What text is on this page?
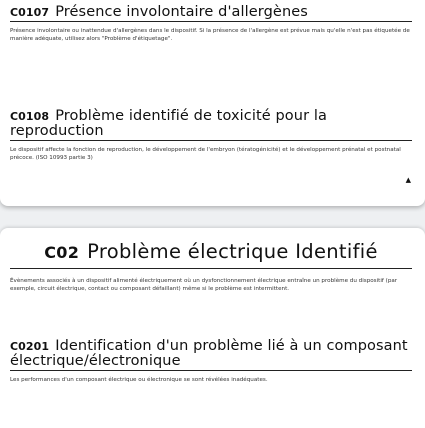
C0107 Présence involontaire d'allergènes
Présence involontaire ou inattendue d'allergènes dans le dispositif. Si la présence de l'allergène est prévue mais qu'elle n'est pas étiquetée de manière adéquate, utilisez alors "Problème d'étiquetage".
C0108 Problème identifié de toxicité pour la reproduction
Le dispositif affecte la fonction de reproduction, le développement de l'embryon (tératogénicité) et le développement prénatal et postnatal précoce. (ISO 10993 partie 3)
▲
C02 Problème électrique Identifié
Évènements associés à un dispositif alimenté électriquement où un dysfonctionnement électrique entraîne un problème du dispositif (par exemple, circuit électrique, contact ou composant défaillant) même si le problème est intermittent.
C0201 Identification d'un problème lié à un composant électrique/électronique
Les performances d'un composant électrique ou électronique se sont révélées inadéquates.
